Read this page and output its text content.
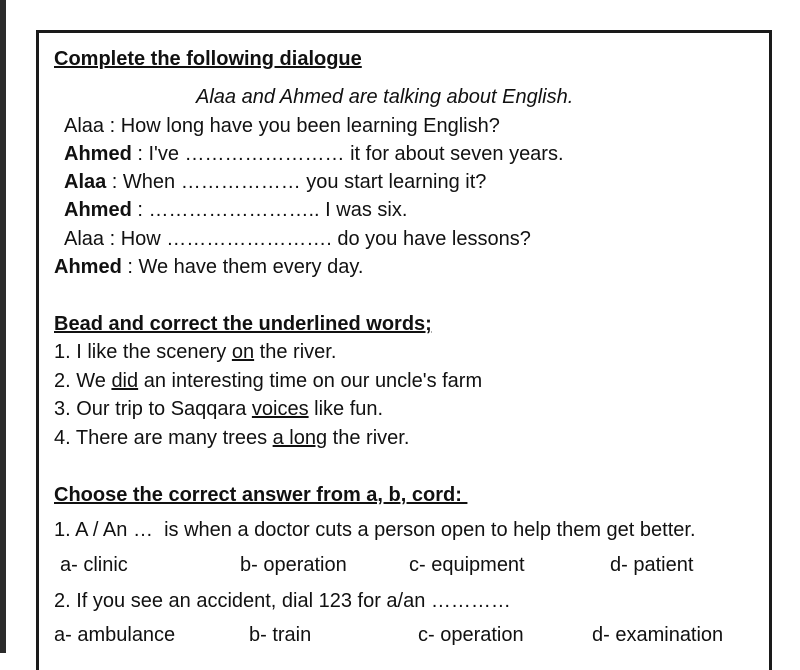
Complete the following dialogue
Alaa and Ahmed are talking about English.
Alaa : How long have you been learning English?
Ahmed : I've …………………… it for about seven years.
Alaa : When ……………… you start learning it?
Ahmed : …………………….. I was six.
Alaa : How ……………………. do you have lessons?
Ahmed : We have them every day.
Bead and correct the underlined words;
1. I like the scenery on the river.
2. We did an interesting time on our uncle's farm
3. Our trip to Saqqara voices like fun.
4. There are many trees a long the river.
Choose the correct answer from a, b, cord:
1. A / An …  is when a doctor cuts a person open to help them get better.
a- clinic	b- operation	c- equipment	d- patient
2. If you see an accident, dial 123 for a/an …………
a- ambulance	b- train	c- operation	d- examination
